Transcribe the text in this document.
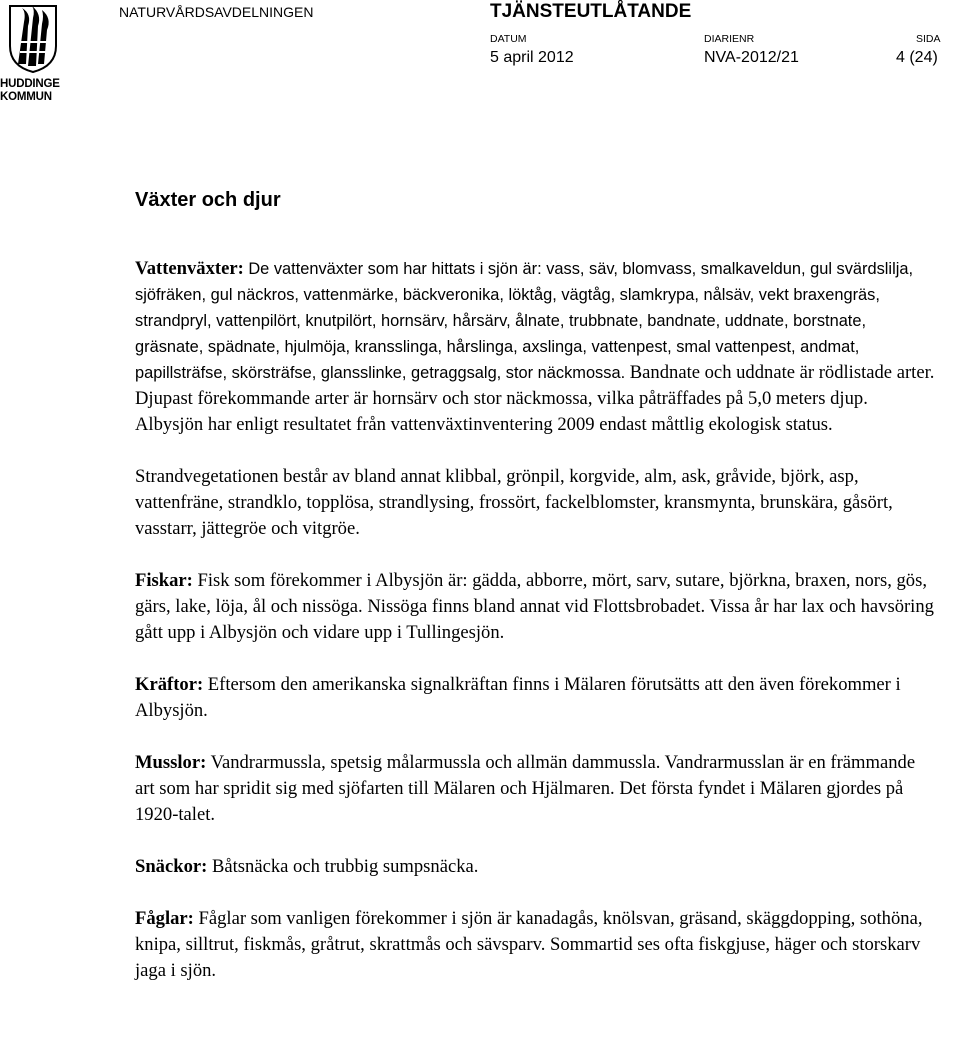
HUDDINGE
KOMMUN
NATURVÅRDSAVDELNINGEN	TJÄNSTEUTLÅTANDE
DATUM	DIARIENR	SIDA
5 april 2012	NVA-2012/21	4 (24)
Växter och djur

Vattenväxter: De vattenväxter som har hittats i sjön är: vass, säv, blomvass, smalkaveldun, gul svärdslilja, sjöfräken, gul näckros, vattenmärke, bäckveronika, löktåg, vägtåg, slamkrypa, nålsäv, vekt braxengräs, strandpryl, vattenpilört, knutpilört, hornsärv, hårsärv, ålnate, trubbnate, bandnate, uddnate, borstnate, gräsnate, spädnate, hjulmöja, kransslinga, hårslinga, axslinga, vattenpest, smal vattenpest, andmat, papillsträfse, skörsträfse, glansslinke, getraggsalg, stor näckmossa. Bandnate och uddnate är rödlistade arter. Djupast förekommande arter är hornsärv och stor näckmossa, vilka påträffades på 5,0 meters djup. Albysjön har enligt resultatet från vattenväxtinventering 2009 endast måttlig ekologisk status.

Strandvegetationen består av bland annat klibbal, grönpil, korgvide, alm, ask, gråvide, björk, asp, vattenfräne, strandklo, topplösa, strandlysing, frossört, fackelblomster, kransmynta, brunskära, gåsört, vasstarr, jättegröe och vitgröe.

Fiskar: Fisk som förekommer i Albysjön är: gädda, abborre, mört, sarv, sutare, björkna, braxen, nors, gös, gärs, lake, löja, ål och nissöga. Nissöga finns bland annat vid Flottsbrobadet. Vissa år har lax och havsöring gått upp i Albysjön och vidare upp i Tullingesjön.

Kräftor: Eftersom den amerikanska signalkräftan finns i Mälaren förutsätts att den även förekommer i Albysjön.

Musslor: Vandrarmussla, spetsig målarmussla och allmän dammussla. Vandrarmusslan är en främmande art som har spridit sig med sjöfarten till Mälaren och Hjälmaren. Det första fyndet i Mälaren gjordes på 1920-talet.

Snäckor: Båtsnäcka och trubbig sumpsnäcka.

Fåglar: Fåglar som vanligen förekommer i sjön är kanadagås, knölsvan, gräsand, skäggdopping, sothöna, knipa, silltrut, fiskmås, gråtrut, skrattmås och sävsparv. Sommartid ses ofta fiskgjuse, häger och storskarv jaga i sjön.
